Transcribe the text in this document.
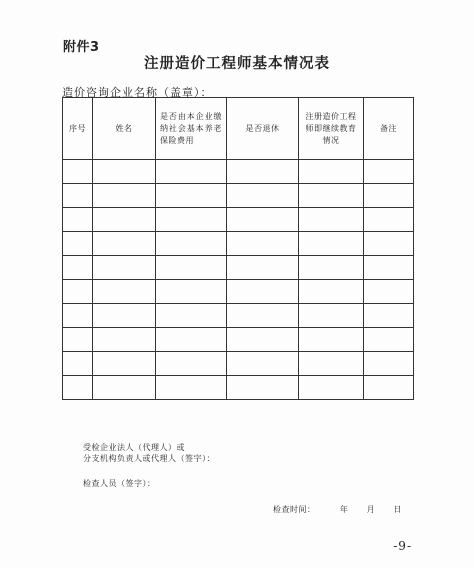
附件3
注册造价工程师基本情况表
造价咨询企业名称（盖章）：
序号	姓名	是否由本企业缴纳社会基本养老保险费用	是否退休	注册造价工程师即继续教育情况	备注

受检企业法人（代理人）或
分支机构负责人或代理人（签字）：
检查人员（签字）：
检查时间：        年      月      日
-9-
